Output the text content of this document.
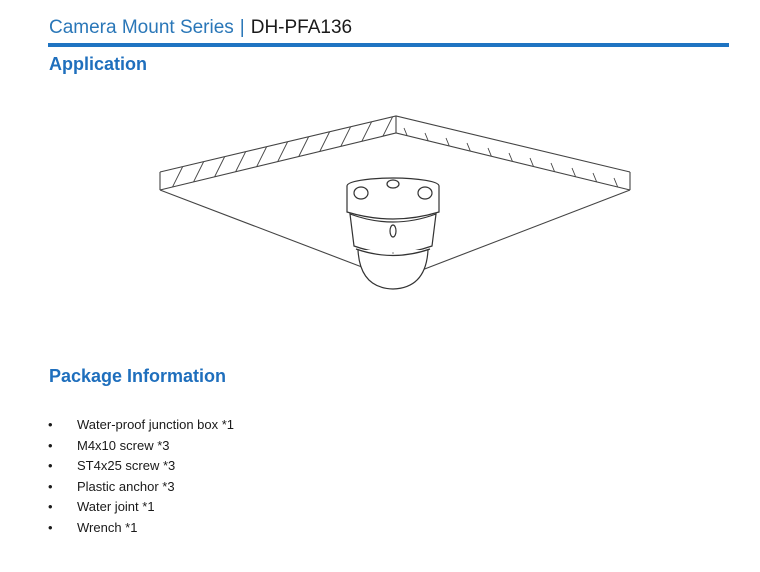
Camera Mount Series | DH-PFA136
Application
Package Information
• Water-proof junction box *1
• M4x10 screw *3
• ST4x25 screw *3
• Plastic anchor *3
• Water joint *1
• Wrench *1
